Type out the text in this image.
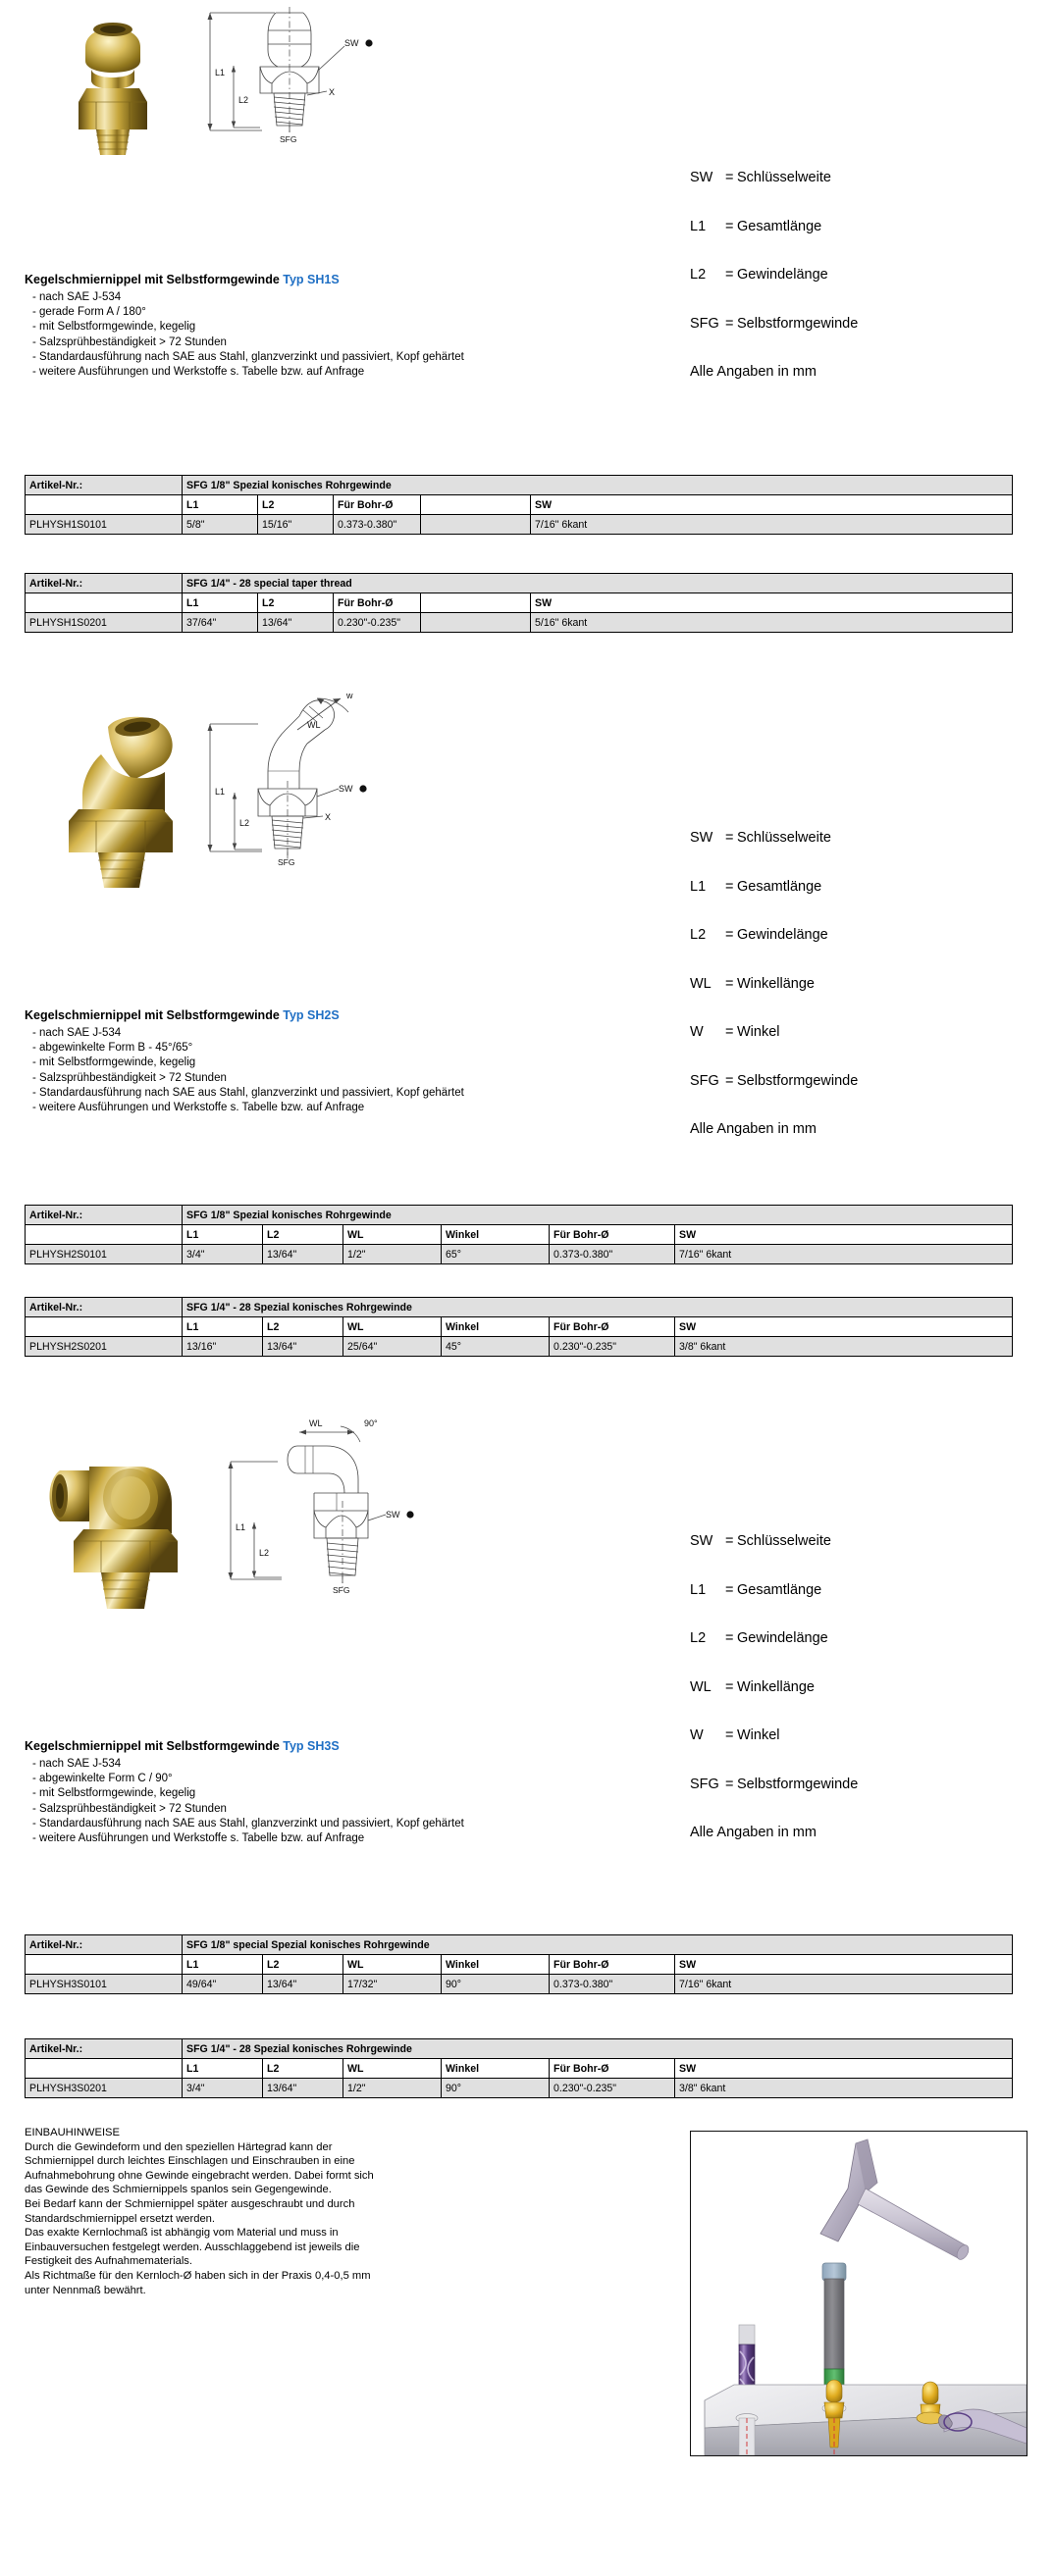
L1
L2
SFG
SW
X

SW = Schlüsselweite

L1 = Gesamtlänge

L2 = Gewindelänge

SFG = Selbstformgewinde

Alle Angaben in mm

Kegelschmiernippel mit Selbstformgewinde Typ SH1S
- nach SAE J-534
- gerade Form A / 180°
- mit Selbstformgewinde, kegelig
- Salzsprühbeständigkeit > 72 Stunden
- Standardausführung nach SAE aus Stahl, glanzverzinkt und passiviert, Kopf gehärtet
- weitere Ausführungen und Werkstoffe s. Tabelle bzw. auf Anfrage
Artikel-Nr.:	SFG 1/8" Spezial konisches Rohrgewinde				
	L1	L2	Für Bohr-Ø		SW
PLHYSH1S0101	5/8"	15/16"	0.373-0.380"		7/16" 6kant
Artikel-Nr.:	SFG 1/4" - 28 special taper thread				
	L1	L2	Für Bohr-Ø		SW
PLHYSH1S0201	37/64"	13/64"	0.230"-0.235"		5/16" 6kant
L1
L2
SFG
WL
w
SW
X

SW = Schlüsselweite

L1 = Gesamtlänge

L2 = Gewindelänge

WL = Winkellänge

W = Winkel

SFG = Selbstformgewinde

Alle Angaben in mm

Kegelschmiernippel mit Selbstformgewinde Typ SH2S
- nach SAE J-534
- abgewinkelte Form B - 45°/65°
- mit Selbstformgewinde, kegelig
- Salzsprühbeständigkeit > 72 Stunden
- Standardausführung nach SAE aus Stahl, glanzverzinkt und passiviert, Kopf gehärtet
- weitere Ausführungen und Werkstoffe s. Tabelle bzw. auf Anfrage
Artikel-Nr.:	SFG 1/8" Spezial konisches Rohrgewinde					
	L1	L2	WL	Winkel	Für Bohr-Ø	SW
PLHYSH2S0101	3/4"	13/64"	1/2"	65°	0.373-0.380"	7/16" 6kant
Artikel-Nr.:	SFG 1/4" - 28 Spezial konisches Rohrgewinde					
	L1	L2	WL	Winkel	Für Bohr-Ø	SW
PLHYSH2S0201	13/16"	13/64"	25/64"	45°	0.230"-0.235"	3/8" 6kant
L1
L2
SFG
WL	90°
SW

SW = Schlüsselweite

L1 = Gesamtlänge

L2 = Gewindelänge

WL = Winkellänge

W = Winkel

SFG = Selbstformgewinde

Alle Angaben in mm

Kegelschmiernippel mit Selbstformgewinde Typ SH3S
- nach SAE J-534
- abgewinkelte Form C / 90°
- mit Selbstformgewinde, kegelig
- Salzsprühbeständigkeit > 72 Stunden
- Standardausführung nach SAE aus Stahl, glanzverzinkt und passiviert, Kopf gehärtet
- weitere Ausführungen und Werkstoffe s. Tabelle bzw. auf Anfrage
Artikel-Nr.:	SFG 1/8" special Spezial konisches Rohrgewinde					
	L1	L2	WL	Winkel	Für Bohr-Ø	SW
PLHYSH3S0101	49/64"	13/64"	17/32"	90°	0.373-0.380"	7/16" 6kant
Artikel-Nr.:	SFG 1/4" - 28 Spezial konisches Rohrgewinde					
	L1	L2	WL	Winkel	Für Bohr-Ø	SW
PLHYSH3S0201	3/4"	13/64"	1/2"	90°	0.230"-0.235"	3/8" 6kant
EINBAUHINWEISE
Durch die Gewindeform und den speziellen Härtegrad kann der
Schmiernippel durch leichtes Einschlagen und Einschrauben in eine
Aufnahmebohrung ohne Gewinde eingebracht werden. Dabei formt sich
das Gewinde des Schmiernippels spanlos sein Gegengewinde.
Bei Bedarf kann der Schmiernippel später ausgeschraubt und durch
Standardschmiernippel ersetzt werden.
Das exakte Kernlochmaß ist abhängig vom Material und muss in
Einbauversuchen festgelegt werden. Ausschlaggebend ist jeweils die
Festigkeit des Aufnahmematerials.
Als Richtmaße für den Kernloch-Ø haben sich in der Praxis 0,4-0,5 mm
unter Nennmaß bewährt.
